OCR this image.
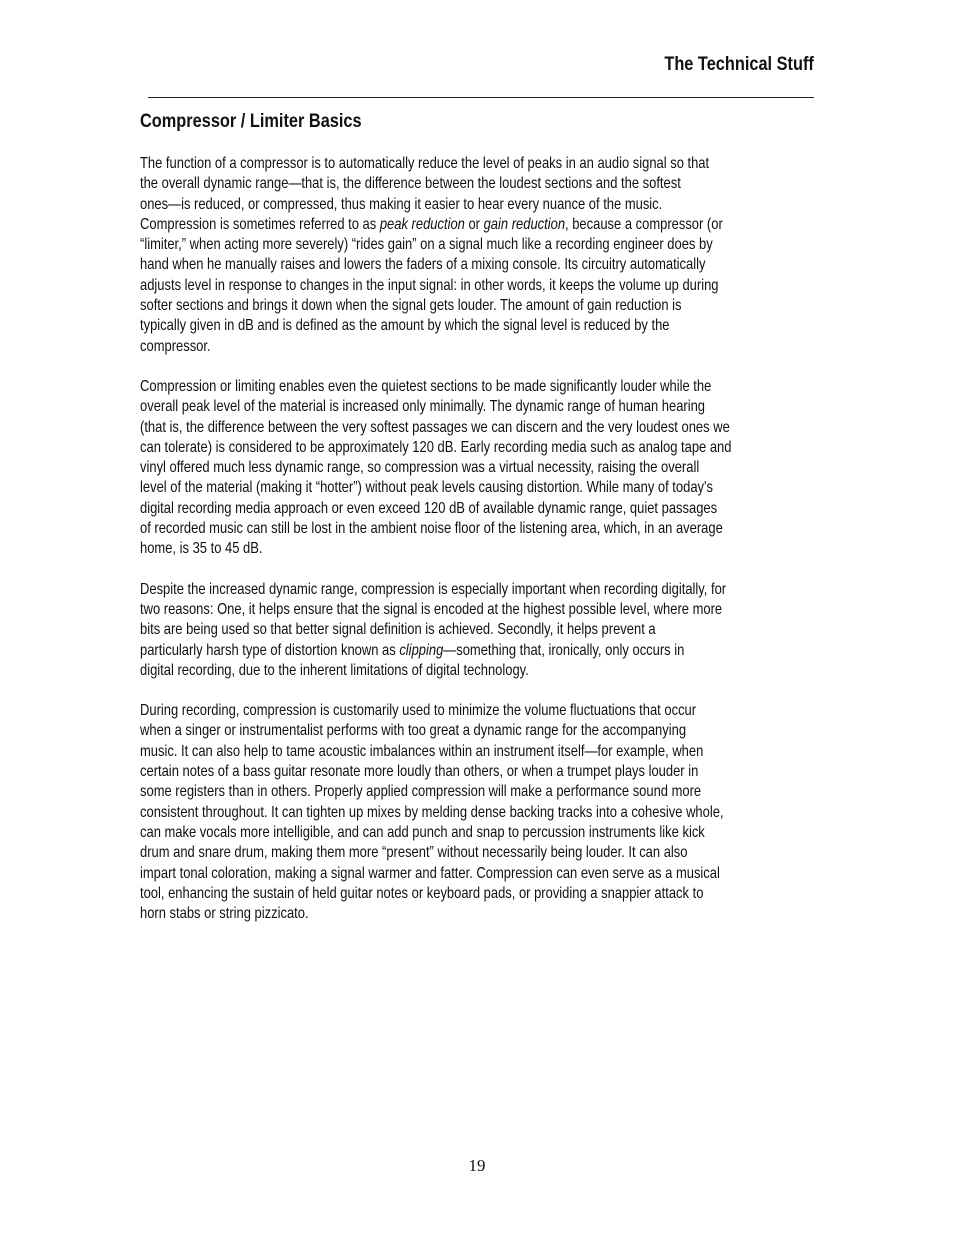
The Technical Stuff
Compressor / Limiter Basics

The function of a compressor is to automatically reduce the level of peaks in an audio signal so that
the overall dynamic range—that is, the difference between the loudest sections and the softest
ones—is reduced, or compressed, thus making it easier to hear every nuance of the music.
Compression is sometimes referred to as peak reduction or gain reduction, because a compressor (or
“limiter,” when acting more severely) “rides gain” on a signal much like a recording engineer does by
hand when he manually raises and lowers the faders of a mixing console. Its circuitry automatically
adjusts level in response to changes in the input signal: in other words, it keeps the volume up during
softer sections and brings it down when the signal gets louder. The amount of gain reduction is
typically given in dB and is defined as the amount by which the signal level is reduced by the
compressor.

Compression or limiting enables even the quietest sections to be made significantly louder while the
overall peak level of the material is increased only minimally. The dynamic range of human hearing
(that is, the difference between the very softest passages we can discern and the very loudest ones we
can tolerate) is considered to be approximately 120 dB. Early recording media such as analog tape and
vinyl offered much less dynamic range, so compression was a virtual necessity, raising the overall
level of the material (making it “hotter”) without peak levels causing distortion. While many of today's
digital recording media approach or even exceed 120 dB of available dynamic range, quiet passages
of recorded music can still be lost in the ambient noise floor of the listening area, which, in an average
home, is 35 to 45 dB.

Despite the increased dynamic range, compression is especially important when recording digitally, for
two reasons: One, it helps ensure that the signal is encoded at the highest possible level, where more
bits are being used so that better signal definition is achieved. Secondly, it helps prevent a
particularly harsh type of distortion known as clipping—something that, ironically, only occurs in
digital recording, due to the inherent limitations of digital technology.

During recording, compression is customarily used to minimize the volume fluctuations that occur
when a singer or instrumentalist performs with too great a dynamic range for the accompanying
music. It can also help to tame acoustic imbalances within an instrument itself—for example, when
certain notes of a bass guitar resonate more loudly than others, or when a trumpet plays louder in
some registers than in others. Properly applied compression will make a performance sound more
consistent throughout. It can tighten up mixes by melding dense backing tracks into a cohesive whole,
can make vocals more intelligible, and can add punch and snap to percussion instruments like kick
drum and snare drum, making them more “present” without necessarily being louder. It can also
impart tonal coloration, making a signal warmer and fatter. Compression can even serve as a musical
tool, enhancing the sustain of held guitar notes or keyboard pads, or providing a snappier attack to
horn stabs or string pizzicato.

19
